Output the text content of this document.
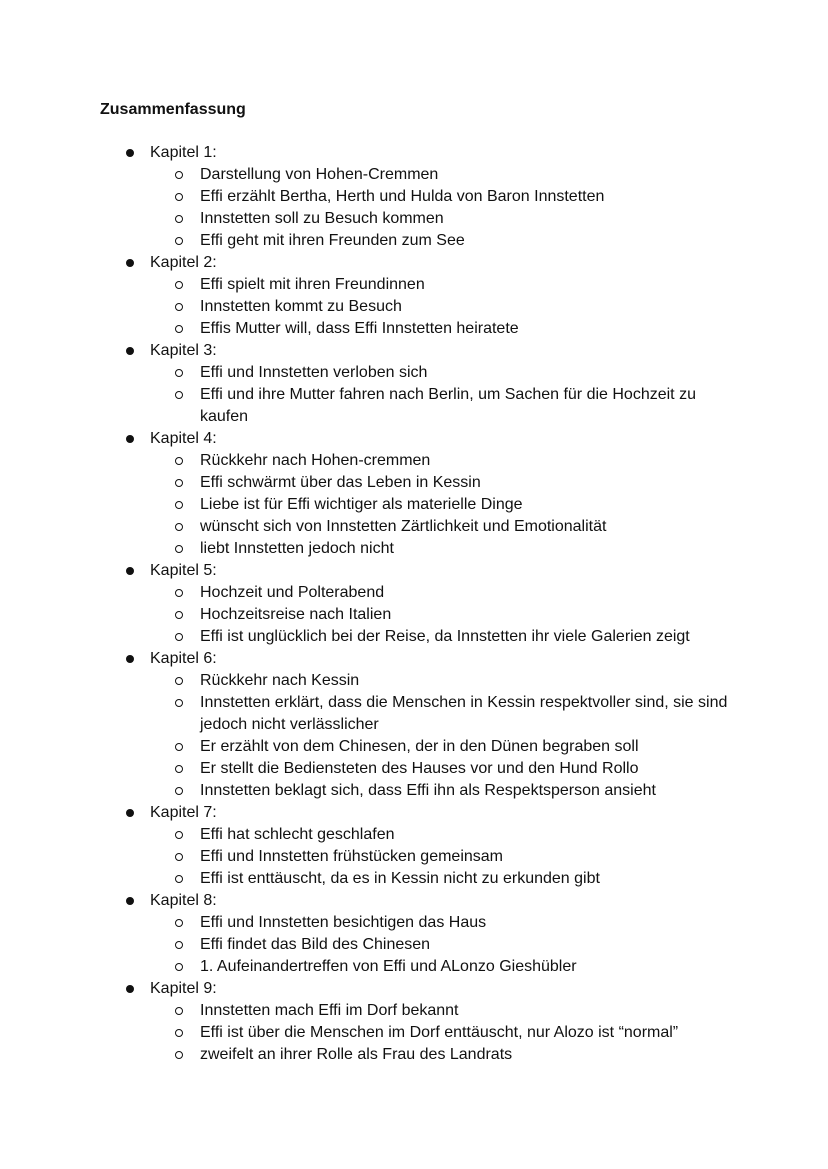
Zusammenfassung
Kapitel 1:
Darstellung von Hohen-Cremmen
Effi erzählt Bertha, Herth und Hulda von Baron Innstetten
Innstetten soll zu Besuch kommen
Effi geht mit ihren Freunden zum See
Kapitel 2:
Effi spielt mit ihren Freundinnen
Innstetten kommt zu Besuch
Effis Mutter will, dass Effi Innstetten heiratete
Kapitel 3:
Effi und Innstetten verloben sich
Effi und ihre Mutter fahren nach Berlin, um Sachen für die Hochzeit zu kaufen
Kapitel 4:
Rückkehr nach Hohen-cremmen
Effi schwärmt über das Leben in Kessin
Liebe ist für Effi wichtiger als materielle Dinge
wünscht sich von Innstetten Zärtlichkeit und Emotionalität
liebt Innstetten jedoch nicht
Kapitel 5:
Hochzeit und Polterabend
Hochzeitsreise nach Italien
Effi ist unglücklich bei der Reise, da Innstetten ihr viele Galerien zeigt
Kapitel 6:
Rückkehr nach Kessin
Innstetten erklärt, dass die Menschen in Kessin respektvoller sind, sie sind jedoch nicht verlässlicher
Er erzählt von dem Chinesen, der in den Dünen begraben soll
Er stellt die Bediensteten des Hauses vor und den Hund Rollo
Innstetten beklagt sich, dass Effi ihn als Respektsperson ansieht
Kapitel 7:
Effi hat schlecht geschlafen
Effi und Innstetten frühstücken gemeinsam
Effi ist enttäuscht, da es in Kessin nicht zu erkunden gibt
Kapitel 8:
Effi und Innstetten besichtigen das Haus
Effi findet das Bild des Chinesen
1. Aufeinandertreffen von Effi und ALonzo Gieshübler
Kapitel 9:
Innstetten mach Effi im Dorf bekannt
Effi ist über die Menschen im Dorf enttäuscht, nur Alozo ist “normal”
zweifelt an ihrer Rolle als Frau des Landrats
